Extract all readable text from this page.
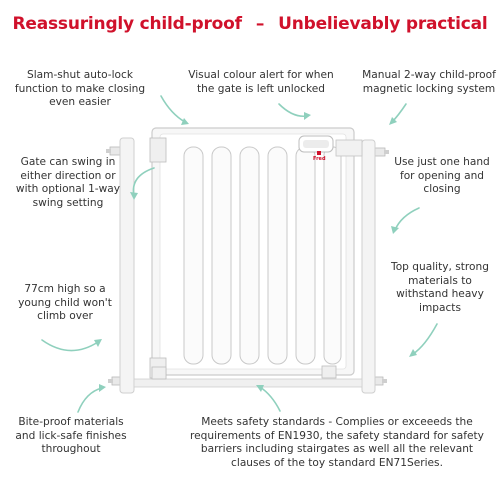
Reassuringly child-proof – Unbelievably practical
Fred
Slam-shut auto-lock function to make closing even easier
Visual colour alert for when the gate is left unlocked
Manual 2-way child-proof magnetic locking system
Gate can swing in either direction or with optional 1-way swing setting
Use just one hand for opening and closing
77cm high so a young child won't climb over
Top quality, strong materials to withstand heavy impacts
Bite-proof materials and lick-safe finishes throughout
Meets safety standards - Complies or exceeeds the requirements of EN1930, the safety standard for safety barriers including stairgates as well all the relevant clauses of the toy standard EN71Series.
